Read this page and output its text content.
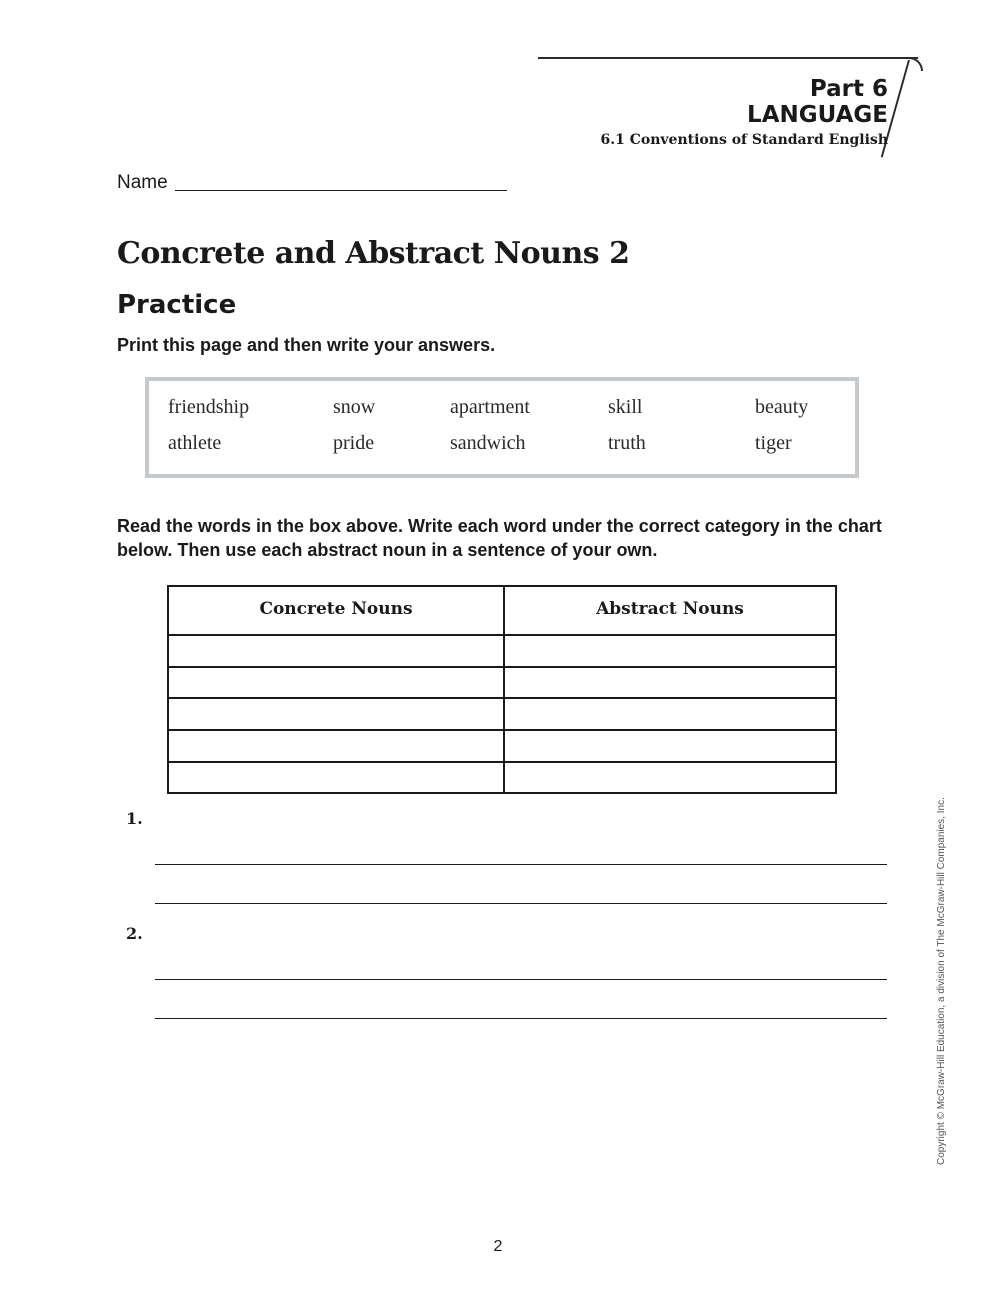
Part 6
LANGUAGE
6.1 Conventions of Standard English
Name
Concrete and Abstract Nouns 2
Practice
Print this page and then write your answers.
friendship	snow	apartment	skill	beauty
athlete	pride	sandwich	truth	tiger
Read the words in the box above. Write each word under the correct category in the chart below. Then use each abstract noun in a sentence of your own.
Concrete Nouns	Abstract Nouns
1.
2.	Copyright © McGraw-Hill Education, a division of The McGraw-Hill Companies, Inc.
2
